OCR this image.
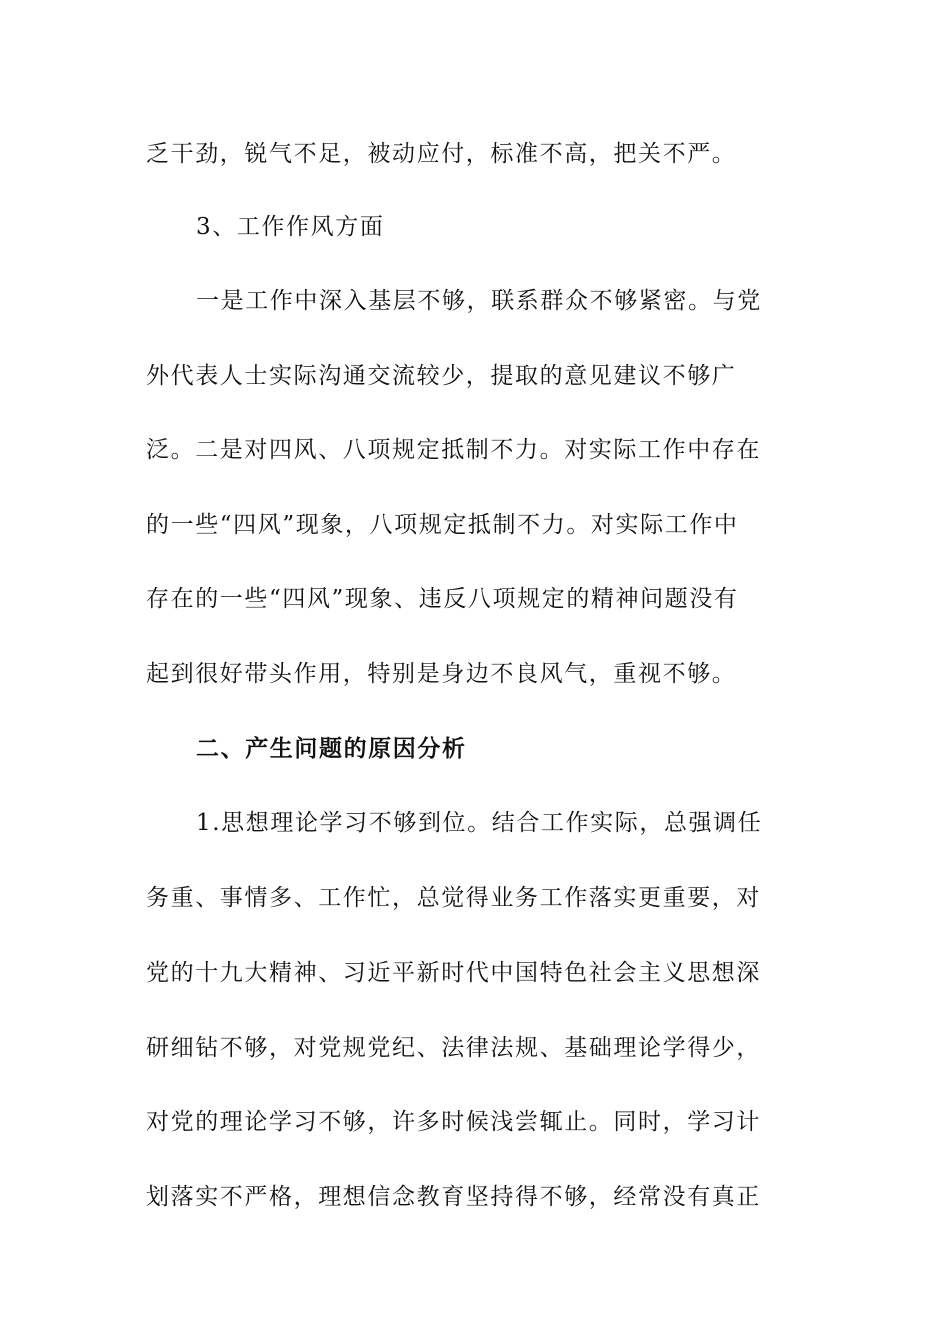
乏干劲，锐气不足，被动应付，标准不高，把关不严。
3、工作作风方面
一是工作中深入基层不够，联系群众不够紧密。与党
外代表人士实际沟通交流较少，提取的意见建议不够广
泛。二是对四风、八项规定抵制不力。对实际工作中存在
的一些“四风”现象，八项规定抵制不力。对实际工作中
存在的一些“四风”现象、违反八项规定的精神问题没有
起到很好带头作用，特别是身边不良风气，重视不够。
二、产生问题的原因分析
1.思想理论学习不够到位。结合工作实际，总强调任
务重、事情多、工作忙，总觉得业务工作落实更重要，对
党的十九大精神、习近平新时代中国特色社会主义思想深
研细钻不够，对党规党纪、法律法规、基础理论学得少，
对党的理论学习不够，许多时候浅尝辄止。同时，学习计
划落实不严格，理想信念教育坚持得不够，经常没有真正
